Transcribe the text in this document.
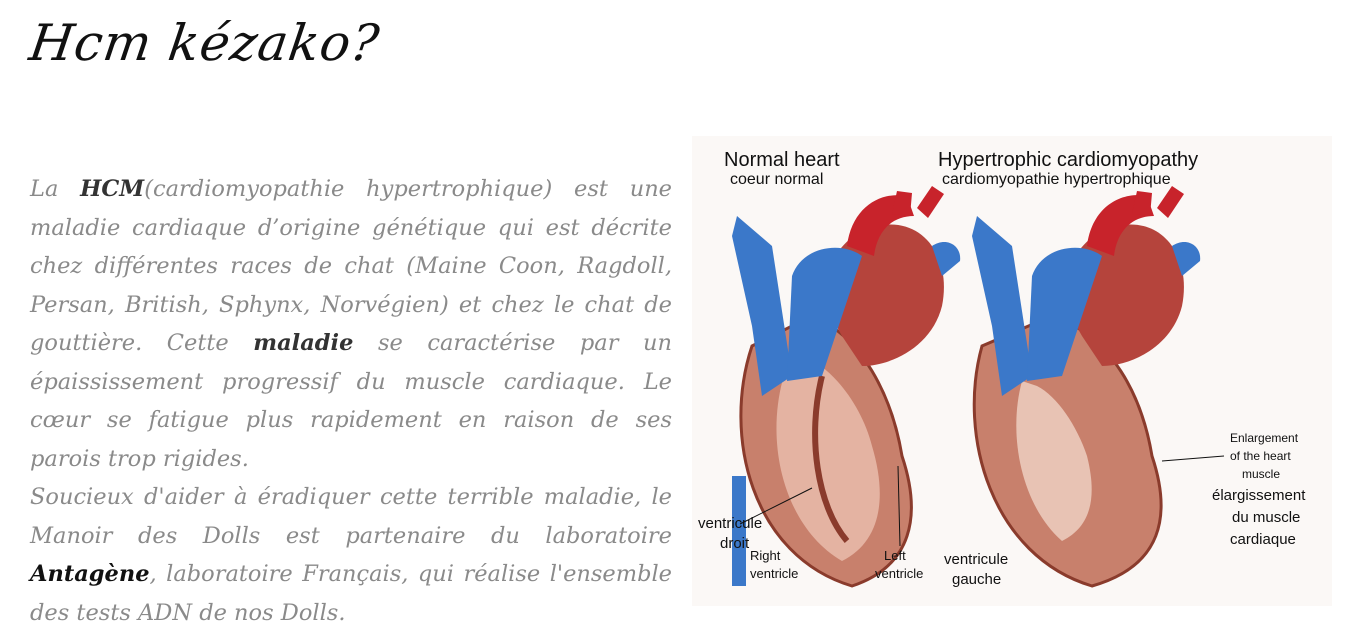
Hcm kézako?

La HCM(cardiomyopathie hypertrophique) est une maladie cardiaque d’origine génétique qui est décrite chez différentes races de chat (Maine Coon, Ragdoll, Persan, British, Sphynx, Norvégien) et chez le chat de gouttière. Cette maladie se caractérise par un épaississement progressif du muscle cardiaque. Le cœur se fatigue plus rapidement en raison de ses parois trop rigides.

Soucieux d'aider à éradiquer cette terrible maladie, le Manoir des Dolls est partenaire du laboratoire Antagène, laboratoire Français, qui réalise l'ensemble des tests ADN de nos Dolls.

Normal heart
coeur normal
Hypertrophic cardiomyopathy
cardiomyopathie hypertrophique
ventricule
droit
Right
ventricle
Left
ventricle
ventricule
gauche
Enlargement
of the heart
muscle
élargissement
du muscle
cardiaque
